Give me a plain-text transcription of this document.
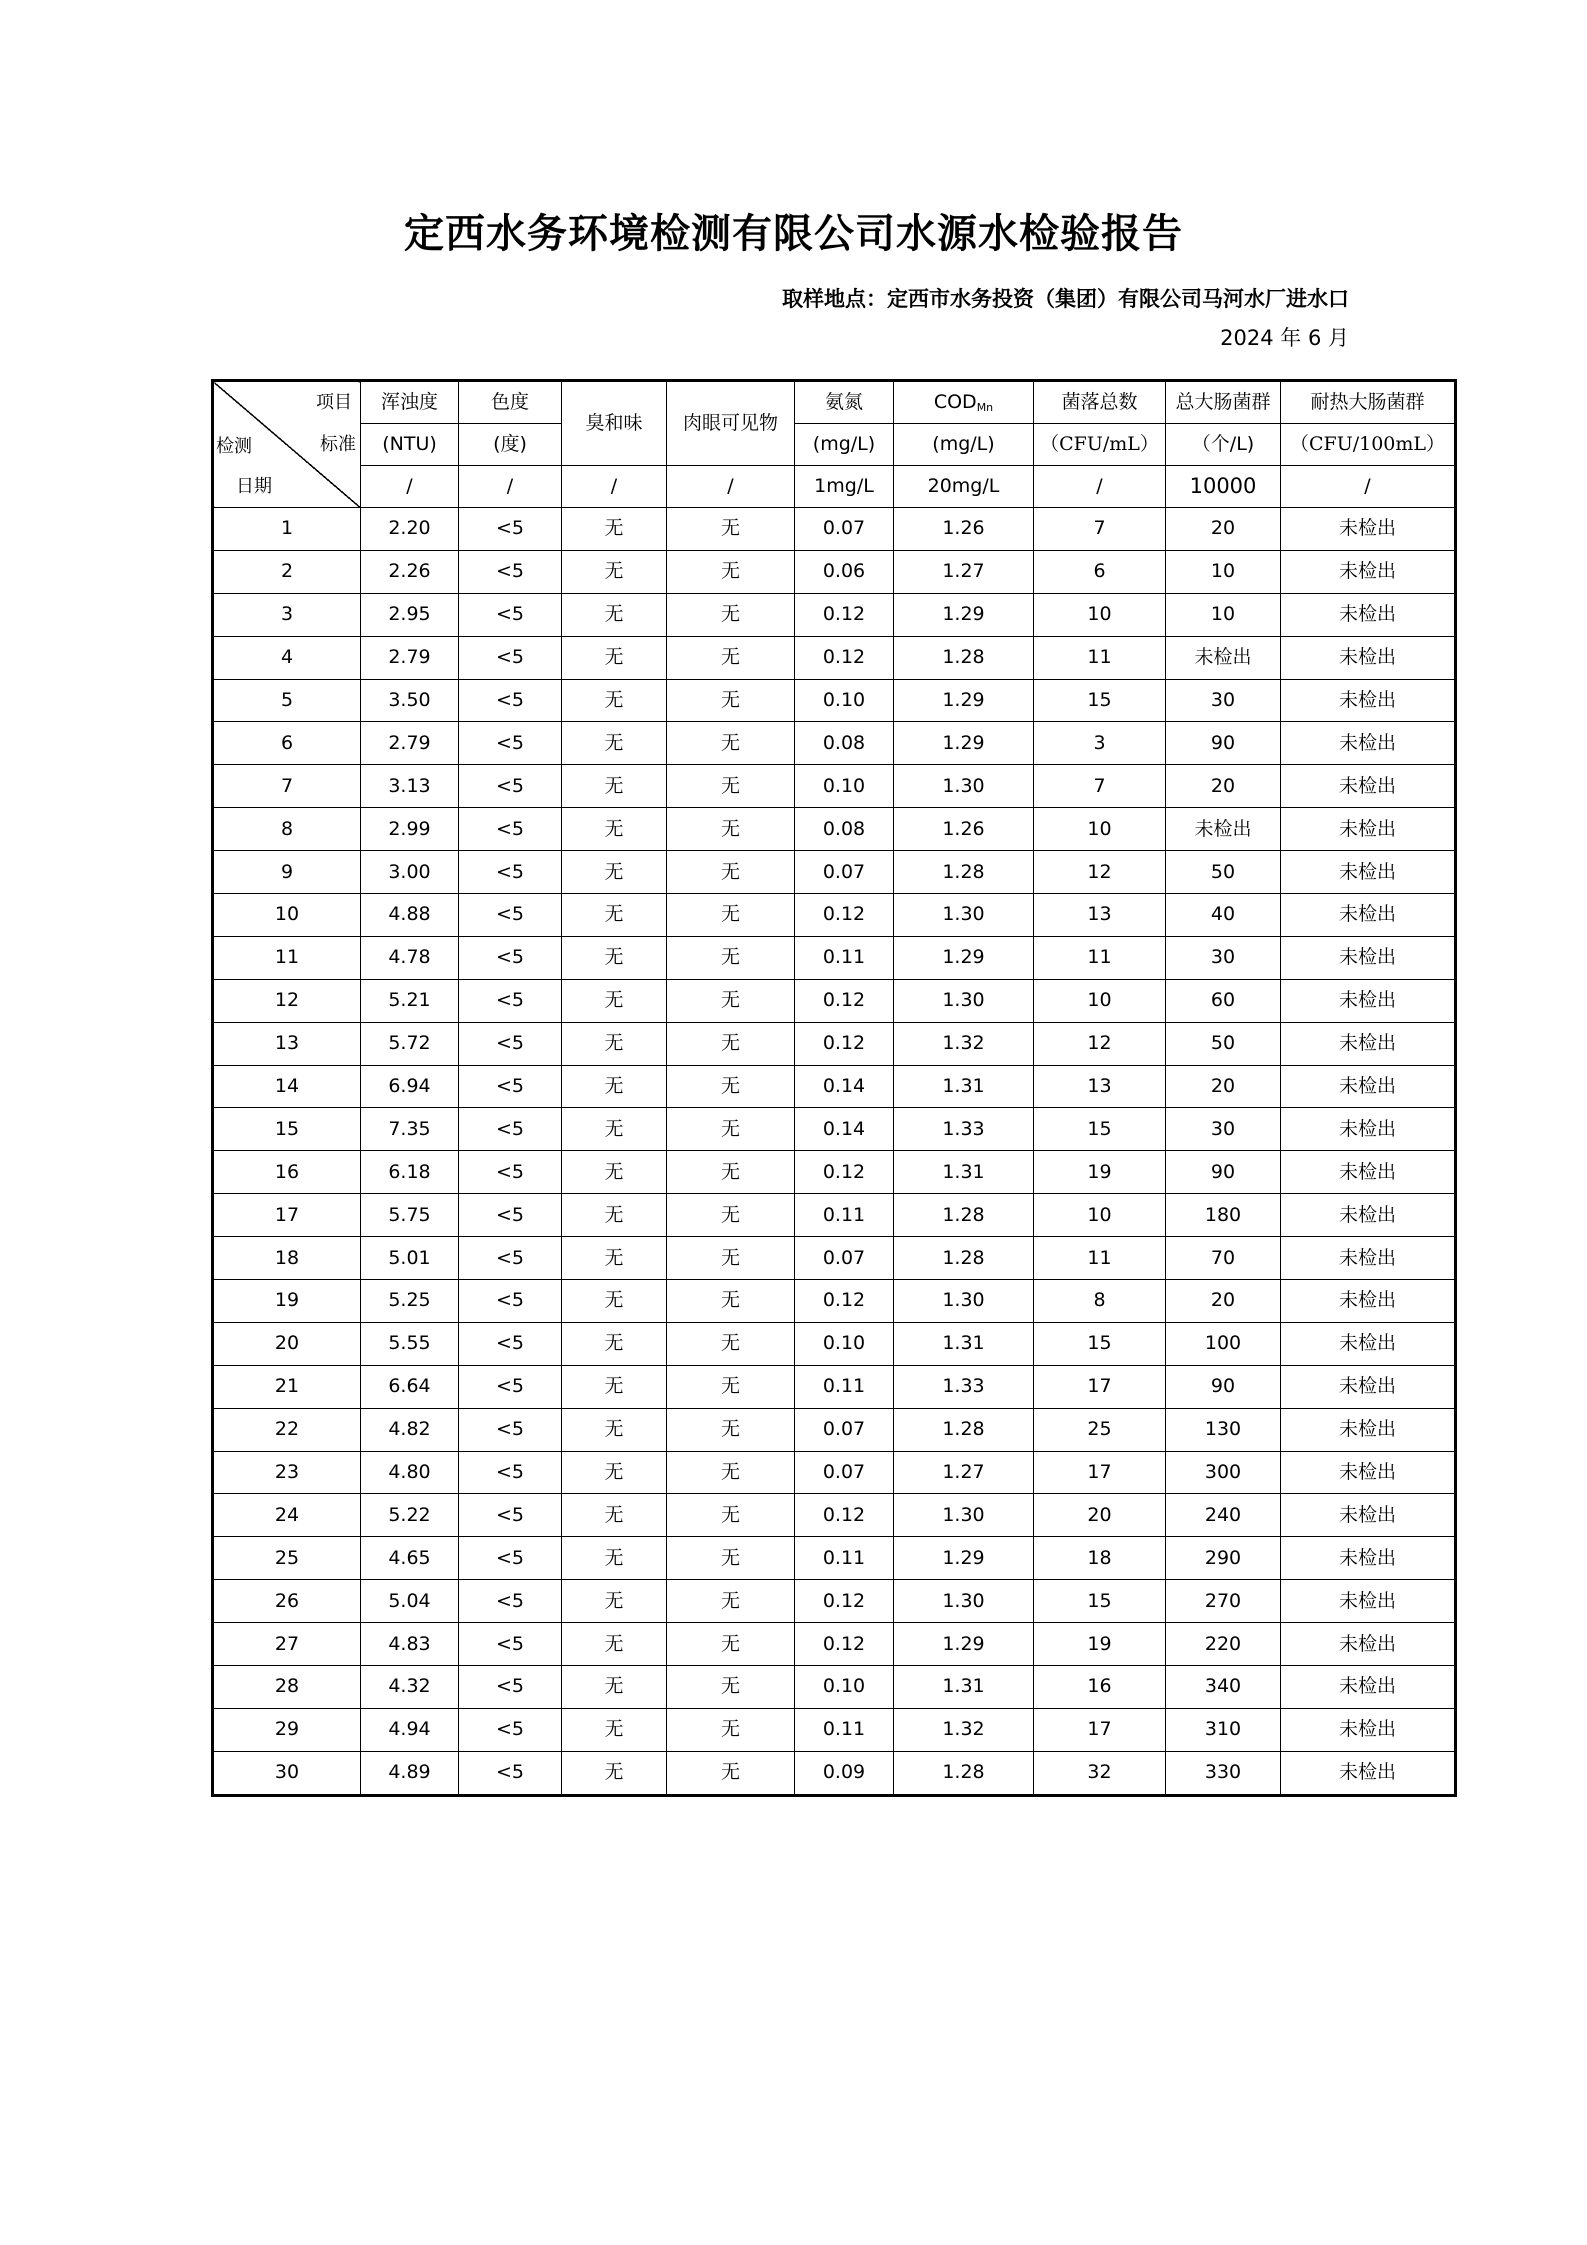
定西水务环境检测有限公司水源水检验报告
取样地点：定西市水务投资（集团）有限公司马河水厂进水口
2024 年 6 月
项目
标准
检测
日期	浑浊度	色度	臭和味	肉眼可见物	氨氮	$COD_{Mn}$	菌落总数	总大肠菌群	耐热大肠菌群
	(NTU)	(度)			(mg/L)	(mg/L)	（CFU/mL）	（个/L)	（CFU/100mL）
	/	/	/	/	1mg/L	20mg/L	/	10000	/
1	2.20	<5	无	无	0.07	1.26	7	20	未检出
2	2.26	<5	无	无	0.06	1.27	6	10	未检出
3	2.95	<5	无	无	0.12	1.29	10	10	未检出
4	2.79	<5	无	无	0.12	1.28	11	未检出	未检出
5	3.50	<5	无	无	0.10	1.29	15	30	未检出
6	2.79	<5	无	无	0.08	1.29	3	90	未检出
7	3.13	<5	无	无	0.10	1.30	7	20	未检出
8	2.99	<5	无	无	0.08	1.26	10	未检出	未检出
9	3.00	<5	无	无	0.07	1.28	12	50	未检出
10	4.88	<5	无	无	0.12	1.30	13	40	未检出
11	4.78	<5	无	无	0.11	1.29	11	30	未检出
12	5.21	<5	无	无	0.12	1.30	10	60	未检出
13	5.72	<5	无	无	0.12	1.32	12	50	未检出
14	6.94	<5	无	无	0.14	1.31	13	20	未检出
15	7.35	<5	无	无	0.14	1.33	15	30	未检出
16	6.18	<5	无	无	0.12	1.31	19	90	未检出
17	5.75	<5	无	无	0.11	1.28	10	180	未检出
18	5.01	<5	无	无	0.07	1.28	11	70	未检出
19	5.25	<5	无	无	0.12	1.30	8	20	未检出
20	5.55	<5	无	无	0.10	1.31	15	100	未检出
21	6.64	<5	无	无	0.11	1.33	17	90	未检出
22	4.82	<5	无	无	0.07	1.28	25	130	未检出
23	4.80	<5	无	无	0.07	1.27	17	300	未检出
24	5.22	<5	无	无	0.12	1.30	20	240	未检出
25	4.65	<5	无	无	0.11	1.29	18	290	未检出
26	5.04	<5	无	无	0.12	1.30	15	270	未检出
27	4.83	<5	无	无	0.12	1.29	19	220	未检出
28	4.32	<5	无	无	0.10	1.31	16	340	未检出
29	4.94	<5	无	无	0.11	1.32	17	310	未检出
30	4.89	<5	无	无	0.09	1.28	32	330	未检出
